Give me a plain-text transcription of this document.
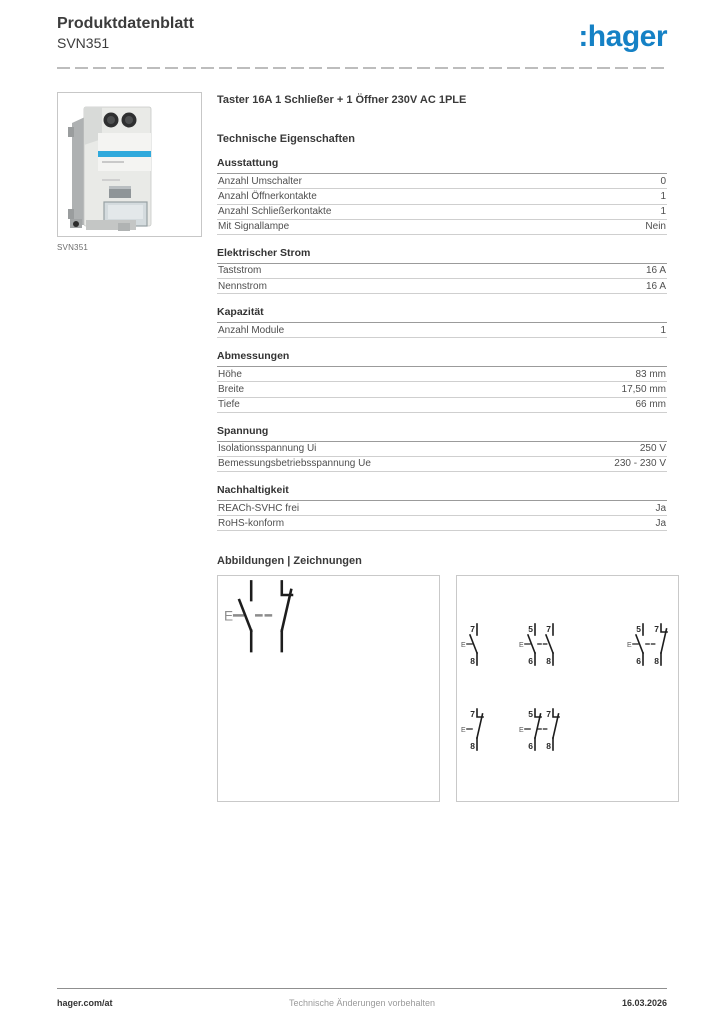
Produktdatenblatt
SVN351	:hager
SVN351
Taster 16A 1 Schließer + 1 Öffner 230V AC 1PLE
Technische Eigenschaften
Ausstattung
Anzahl Umschalter	0
Anzahl Öffnerkontakte	1
Anzahl Schließerkontakte	1
Mit Signallampe	Nein
Elektrischer Strom
Taststrom	16 A
Nennstrom	16 A
Kapazität
Anzahl Module	1
Abmessungen
Höhe	83 mm
Breite	17,50 mm
Tiefe	66 mm
Spannung
Isolationsspannung Ui	250 V
Bemessungsbetriebsspannung Ue	230 - 230 V
Nachhaltigkeit
REACh-SVHC frei	Ja
RoHS-konform	Ja
Abbildungen | Zeichnungen
E
E
7
8
E
5
6
7
8
E
5
6
7
8
E
7
8
E
5
6
7
8
hager.com/at	Technische Änderungen vorbehalten	16.03.2026
